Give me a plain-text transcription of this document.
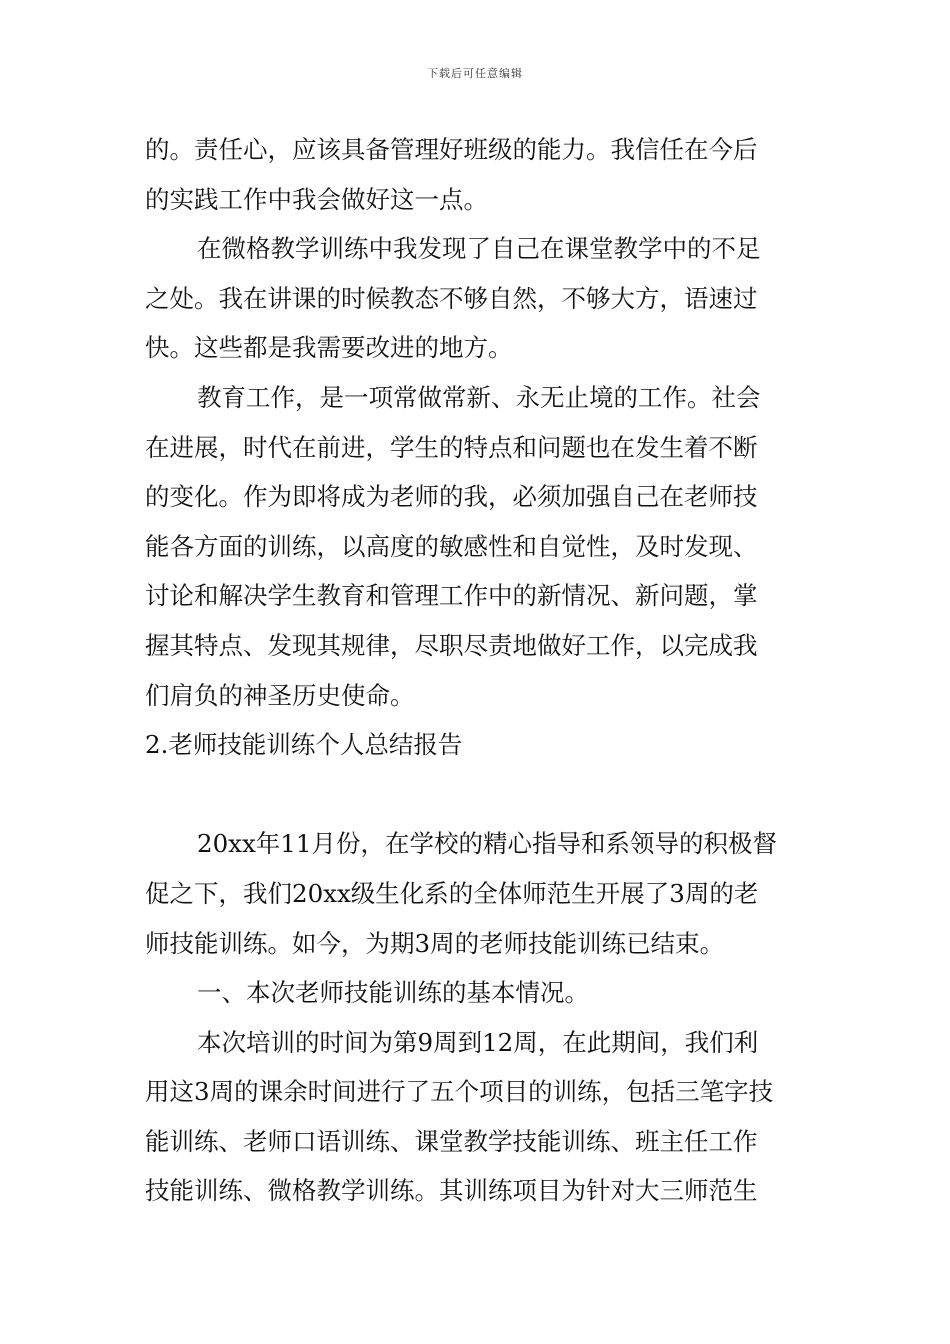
下载后可任意编辑
的。责任心，应该具备管理好班级的能力。我信任在今后
的实践工作中我会做好这一点。
在微格教学训练中我发现了自己在课堂教学中的不足
之处。我在讲课的时候教态不够自然，不够大方，语速过
快。这些都是我需要改进的地方。
教育工作，是一项常做常新、永无止境的工作。社会
在进展，时代在前进，学生的特点和问题也在发生着不断
的变化。作为即将成为老师的我，必须加强自己在老师技
能各方面的训练，以高度的敏感性和自觉性，及时发现、
讨论和解决学生教育和管理工作中的新情况、新问题，掌
握其特点、发现其规律，尽职尽责地做好工作，以完成我
们肩负的神圣历史使命。
2.老师技能训练个人总结报告
20xx年11月份，在学校的精心指导和系领导的积极督
促之下，我们20xx级生化系的全体师范生开展了3周的老
师技能训练。如今，为期3周的老师技能训练已结束。
一、本次老师技能训练的基本情况。
本次培训的时间为第9周到12周，在此期间，我们利
用这3周的课余时间进行了五个项目的训练，包括三笔字技
能训练、老师口语训练、课堂教学技能训练、班主任工作
技能训练、微格教学训练。其训练项目为针对大三师范生
